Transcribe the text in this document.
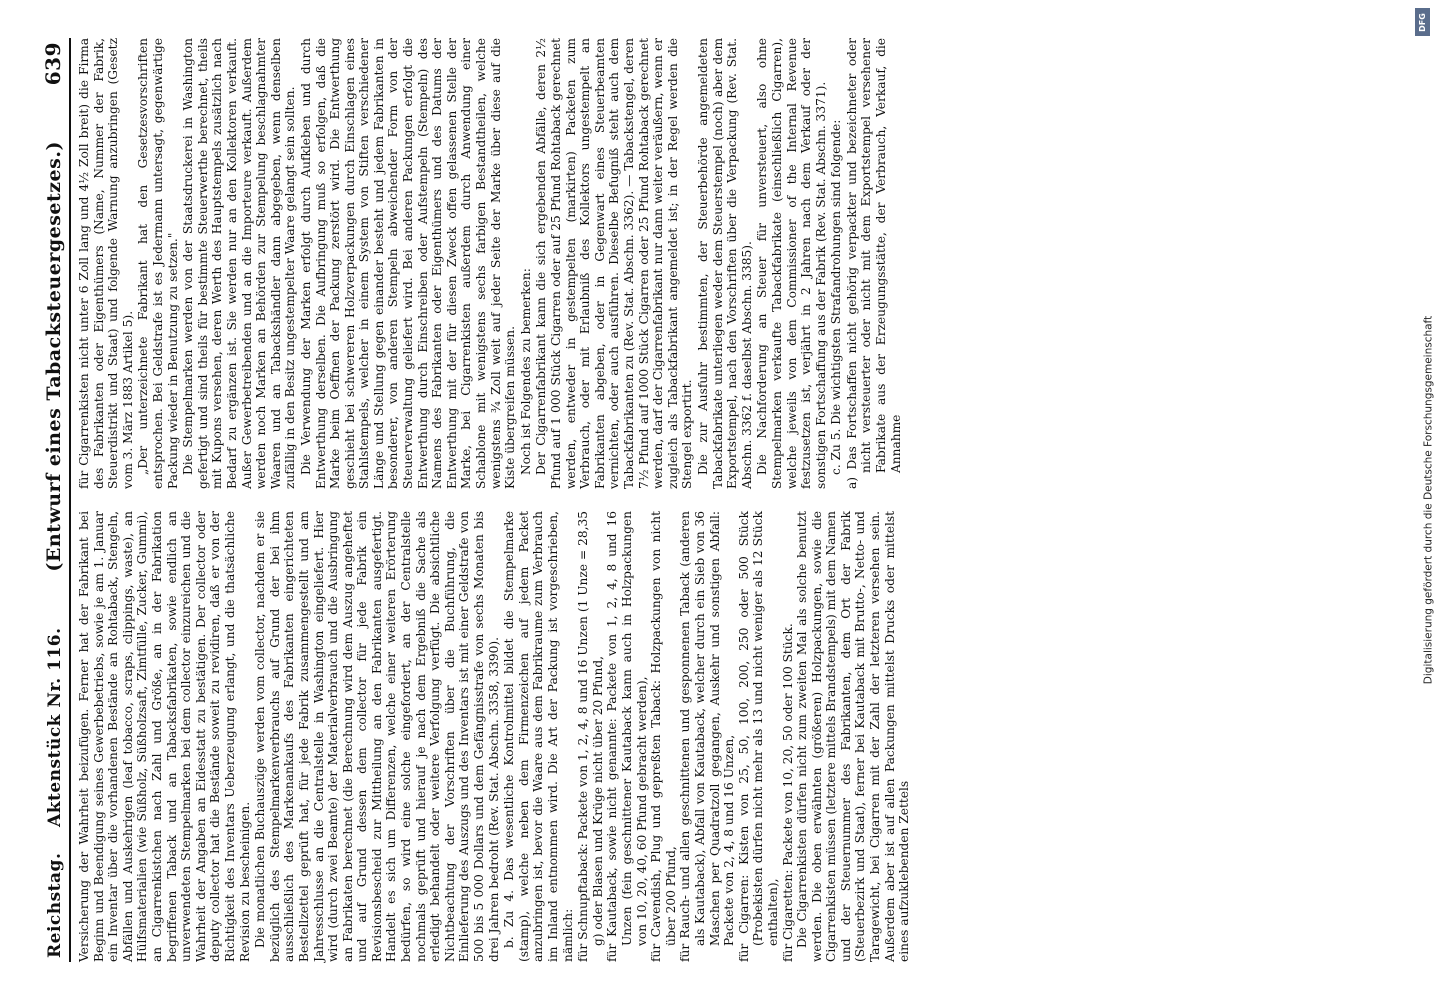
Reichstag.    Aktenstück Nr. 116.
(Entwurf eines Tabacksteuergesetzes.)
639

Versicherung der Wahrheit beizufügen. Ferner hat der Fabrikant bei Beginn und Beendigung seines Gewerbebetriebs, sowie je am 1. Januar ein Inventar über die vorhandenen Bestände an Rohtaback, Stengeln, Abfällen und Auskehrigen (leaf tobacco, scraps, clippings, waste), an Hülfsmaterialien (wie Süßholz, Süßholzsaft, Zimtfülle, Zucker, Gummi), an Cigarrenkistchen nach Zahl und Größe, an in der Fabrikation begriffenen Taback und an Tabacksfabrikaten, sowie endlich an unverwendeten Stempelmarken bei dem collector einzureichen und die Wahrheit der Angaben an Eidesstatt zu bestätigen. Der collector oder deputy collector hat die Bestände soweit zu revidiren, daß er von der Richtigkeit des Inventars Ueberzeugung erlangt, und die thatsächliche Revision zu bescheinigen. Die monatlichen Buchauszüge werden vom collector, nachdem er sie bezüglich des Stempelmarkenverbrauchs auf Grund der bei ihm ausschließlich des Markenankaufs des Fabrikanten eingerichteten Bestellzettel geprüft hat, für jede Fabrik zusammengestellt und am Jahresschlusse an die Centralstelle in Washington eingeliefert. Hier wird (durch zwei Beamte) der Materialverbrauch und die Ausbringung an Fabrikaten berechnet (die Berechnung wird dem Auszug angeheftet und auf Grund dessen dem collector für jede Fabrik ein Revisionsbescheid zur Mittheilung an den Fabrikanten ausgefertigt. Handelt es sich um Differenzen, welche einer weiteren Erörterung bedürfen, so wird eine solche eingefordert, an der Centralstelle nochmals geprüft und hierauf je nach dem Ergebniß die Sache als erledigt behandelt oder weitere Verfolgung verfügt. Die absichtliche Nichtbeachtung der Vorschriften über die Buchführung, die Einlieferung des Auszugs und des Inventars ist mit einer Geldstrafe von 500 bis 5 000 Dollars und dem Gefängnisstrafe von sechs Monaten bis drei Jahren bedroht (Rev. Stat. Abschn. 3358, 3390). b. Zu 4. Das wesentliche Kontrolmittel bildet die Stempelmarke (stamp), welche neben dem Firmenzeichen auf jedem Packet anzubringen ist, bevor die Waare aus dem Fabrikraume zum Verbrauch im Inland entnommen wird. Die Art der Packung ist vorgeschrieben, nämlich: für Schnupftaback: Packete von 1, 2, 4, 8 und 16 Unzen (1 Unze = 28,35 g) oder Blasen und Krüge nicht über 20 Pfund, für Kautaback, sowie nicht genannte: Packete von 1, 2, 4, 8 und 16 Unzen (fein geschnittener Kautaback kann auch in Holzpackungen von 10, 20, 40, 60 Pfund gebracht werden), für Cavendish, Plug und gepreßten Taback: Holzpackungen von nicht über 200 Pfund, für Rauch- und allen geschnittenen und gesponnenen Taback (anderen als Kautaback), Abfall von Kautaback, welcher durch ein Sieb von 36 Maschen per Quadratzoll gegangen, Auskehr und sonstigen Abfall: Packete von 2, 4, 8 und 16 Unzen, für Cigarren: Kisten von 25, 50, 100, 200, 250 oder 500 Stück (Probekisten dürfen nicht mehr als 13 und nicht weniger als 12 Stück enthalten), für Cigaretten: Packete von 10, 20, 50 oder 100 Stück. Die Cigarrenkisten dürfen nicht zum zweiten Mal als solche benutzt werden. Die oben erwähnten (größeren) Holzpackungen, sowie die Cigarrenkisten müssen (letztere mittels Brandstempels) mit dem Namen und der Steuernummer des Fabrikanten, dem Ort der Fabrik (Steuerbezirk und Staat), ferner bei Kautaback mit Brutto-, Netto- und Taragewicht, bei Cigarren mit der Zahl der letzteren versehen sein. Außerdem aber ist auf allen Packungen mittelst Drucks oder mittelst eines aufzuklebenden Zettels

für Cigarrenkisten nicht unter 6 Zoll lang und 4½ Zoll breit) die Firma des Fabrikanten oder Eigenthümers (Name, Nummer der Fabrik, Steuerdistrikt und Staat) und folgende Warnung anzubringen (Gesetz vom 3. März 1883 Artikel 5). „Der unterzeichnete Fabrikant hat den Gesetzesvorschriften entsprochen. Bei Geldstrafe ist es Jedermann untersagt, gegenwärtige Packung wieder in Benutzung zu setzen." Die Stempelmarken werden von der Staatsdruckerei in Washington gefertigt und sind theils für bestimmte Steuerwerthe berechnet, theils mit Kupons versehen, deren Werth des Hauptstempels zusätzlich nach Bedarf zu ergänzen ist. Sie werden nur an den Kollektoren verkauft. Außer Gewerbetreibenden und an die Importeure verkauft. Außerdem werden noch Marken an Behörden zur Stempelung beschlagnahmter Waaren und an Tabackshändler dann abgegeben, wenn denselben zufällig in den Besitz ungestempelter Waare gelangt sein sollten. Die Verwendung der Marken erfolgt durch Aufkleben und durch Entwerthung derselben. Die Aufbringung muß so erfolgen, daß die Marke beim Oeffnen der Packung zerstört wird. Die Entwerthung geschieht bei schwereren Holzverpackungen durch Einschlagen eines Stahlstempels, welcher in einem System von Stiften verschiedener Länge und Stellung gegen einander besteht und jedem Fabrikanten in besonderer, von anderen Stempeln abweichender Form von der Steuerverwaltung geliefert wird. Bei anderen Packungen erfolgt die Entwerthung durch Einschreiben oder Aufstempeln (Stempeln) des Namens des Fabrikanten oder Eigenthümers und des Datums der Entwerthung mit der für diesen Zweck offen gelassenen Stelle der Marke, bei Cigarrenkisten außerdem durch Anwendung einer Schablone mit wenigstens sechs farbigen Bestandtheilen, welche wenigstens ¾ Zoll weit auf jeder Seite der Marke über diese auf die Kiste übergreifen müssen. Noch ist Folgendes zu bemerken: Der Cigarrenfabrikant kann die sich ergebenden Abfälle, deren 2½ Pfund auf 1 000 Stück Cigarren oder auf 25 Pfund Rohtaback gerechnet werden, entweder in gestempelten (markirten) Packeten zum Verbrauch, oder mit Erlaubniß des Kollektors ungestempelt an Fabrikanten abgeben, oder in Gegenwart eines Steuerbeamten vernichten, oder auch ausführen. Dieselbe Befugniß steht auch dem Tabackfabrikanten zu (Rev. Stat. Abschn. 3362). — Tabackstengel, deren 7½ Pfund auf 1000 Stück Cigarren oder 25 Pfund Rohtaback gerechnet werden, darf der Cigarrenfabrikant nur dann weiter veräußern, wenn er zugleich als Tabackfabrikant angemeldet ist; in der Regel werden die Stengel exportirt. Die zur Ausfuhr bestimmten, der Steuerbehörde angemeldeten Tabackfabrikate unterliegen weder dem Steuerstempel (noch) aber dem Exportstempel, nach den Vorschriften über die Verpackung (Rev. Stat. Abschn. 3362 f. daselbst Abschn. 3385). Die Nachforderung an Steuer für unversteuert, also ohne Stempelmarken verkaufte Tabackfabrikate (einschließlich Cigarren), welche jeweils von dem Commissioner of the Internal Revenue festzusetzen ist, verjährt in 2 Jahren nach dem Verkauf oder der sonstigen Fortschaffung aus der Fabrik (Rev. Stat. Abschn. 3371). c. Zu 5. Die wichtigsten Strafandrohungen sind folgende: a) Das Fortschaffen nicht gehörig verpackter und bezeichneter oder nicht versteuerter oder nicht mit dem Exportstempel versehener Fabrikate aus der Erzeugungsstätte, der Verbrauch, Verkauf, die Annahme

DFG
Digitalisierung gefördert durch die Deutsche Forschungsgemeinschaft
